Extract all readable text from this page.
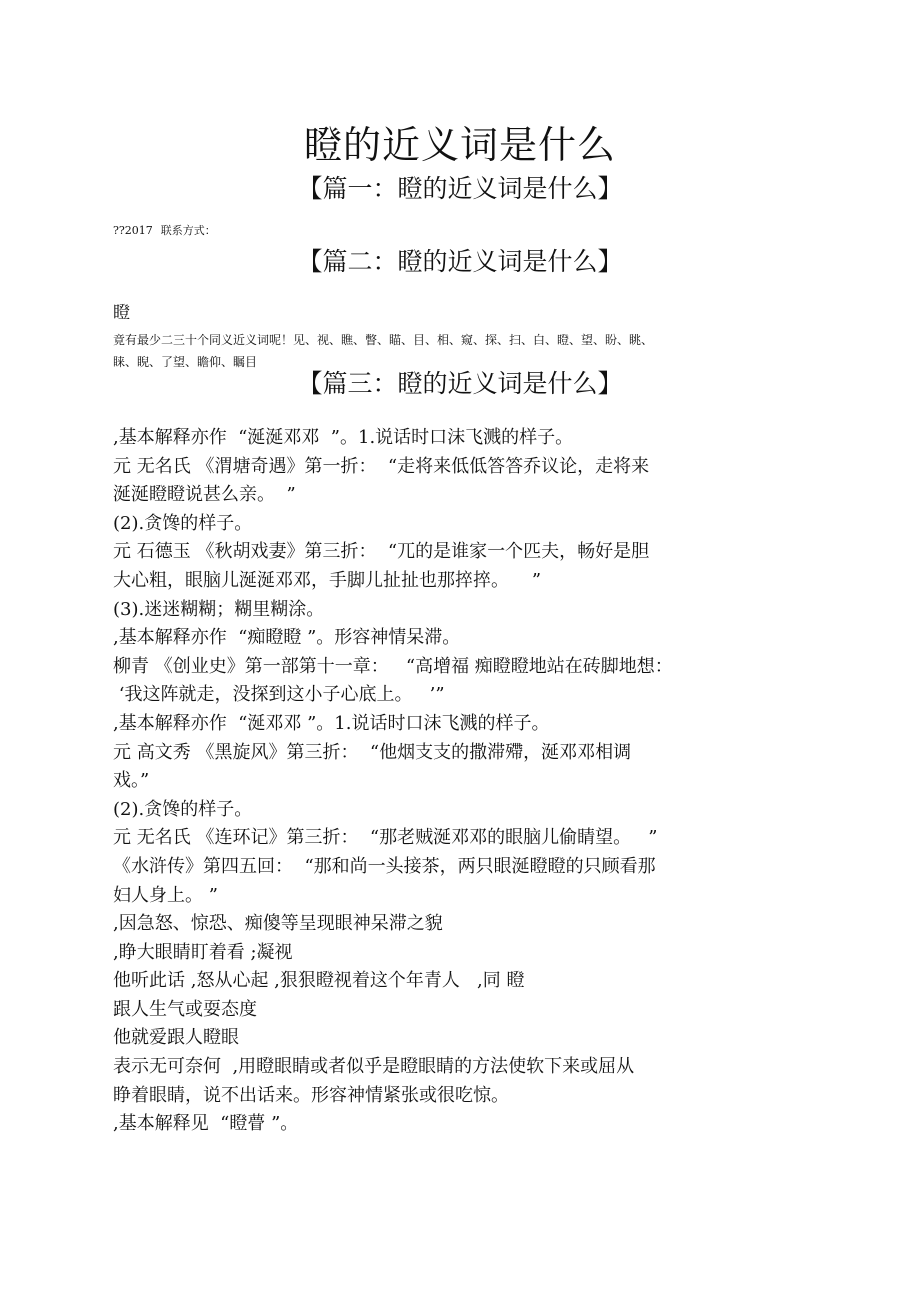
瞪的近义词是什么
【篇一：瞪的近义词是什么】

??2017 联系方式：

【篇二：瞪的近义词是什么】

瞪

竟有最少二三十个同义近义词呢！见、视、瞧、瞥、瞄、目、相、窥、探、扫、白、瞪、望、盼、眺、
睐、睨、了望、瞻仰、瞩目
【篇三：瞪的近义词是什么】
,基本解释亦作  “涎涎邓邓  ”。1.说话时口沫飞溅的样子。
元 无名氏 《渭塘奇遇》第一折：  “走将来低低答答乔议论，走将来
涎涎瞪瞪说甚么亲。  ”
(2).贪馋的样子。
元 石德玉 《秋胡戏妻》第三折：  “兀的是谁家一个匹夫，畅好是胆
大心粗，眼脑儿涎涎邓邓，手脚儿扯扯也那捽捽。    ”
(3).迷迷糊糊；糊里糊涂。
,基本解释亦作  “痴瞪瞪 ”。形容神情呆滞。
柳青 《创业史》第一部第十一章：   “高增福 痴瞪瞪地站在砖脚地想：
‘我这阵就走，没探到这小子心底上。   ’”
,基本解释亦作  “涎邓邓 ”。1.说话时口沫飞溅的样子。
元 高文秀 《黑旋风》第三折：  “他烟支支的撒滞殢，涎邓邓相调
戏。”
(2).贪馋的样子。
元 无名氏 《连环记》第三折：  “那老贼涎邓邓的眼脑儿偷睛望。   ”
《水浒传》第四五回：  “那和尚一头接茶，两只眼涎瞪瞪的只顾看那
妇人身上。 ”
,因急怒、惊恐、痴傻等呈现眼神呆滞之貌
,睁大眼睛盯着看 ;凝视
他听此话 ,怒从心起 ,狠狠瞪视着这个年青人   ,同 瞪
跟人生气或耍态度
他就爱跟人瞪眼
表示无可奈何  ,用瞪眼睛或者似乎是瞪眼睛的方法使软下来或屈从
睁着眼睛，说不出话来。形容神情紧张或很吃惊。
,基本解释见  “瞪瞢 ”。
